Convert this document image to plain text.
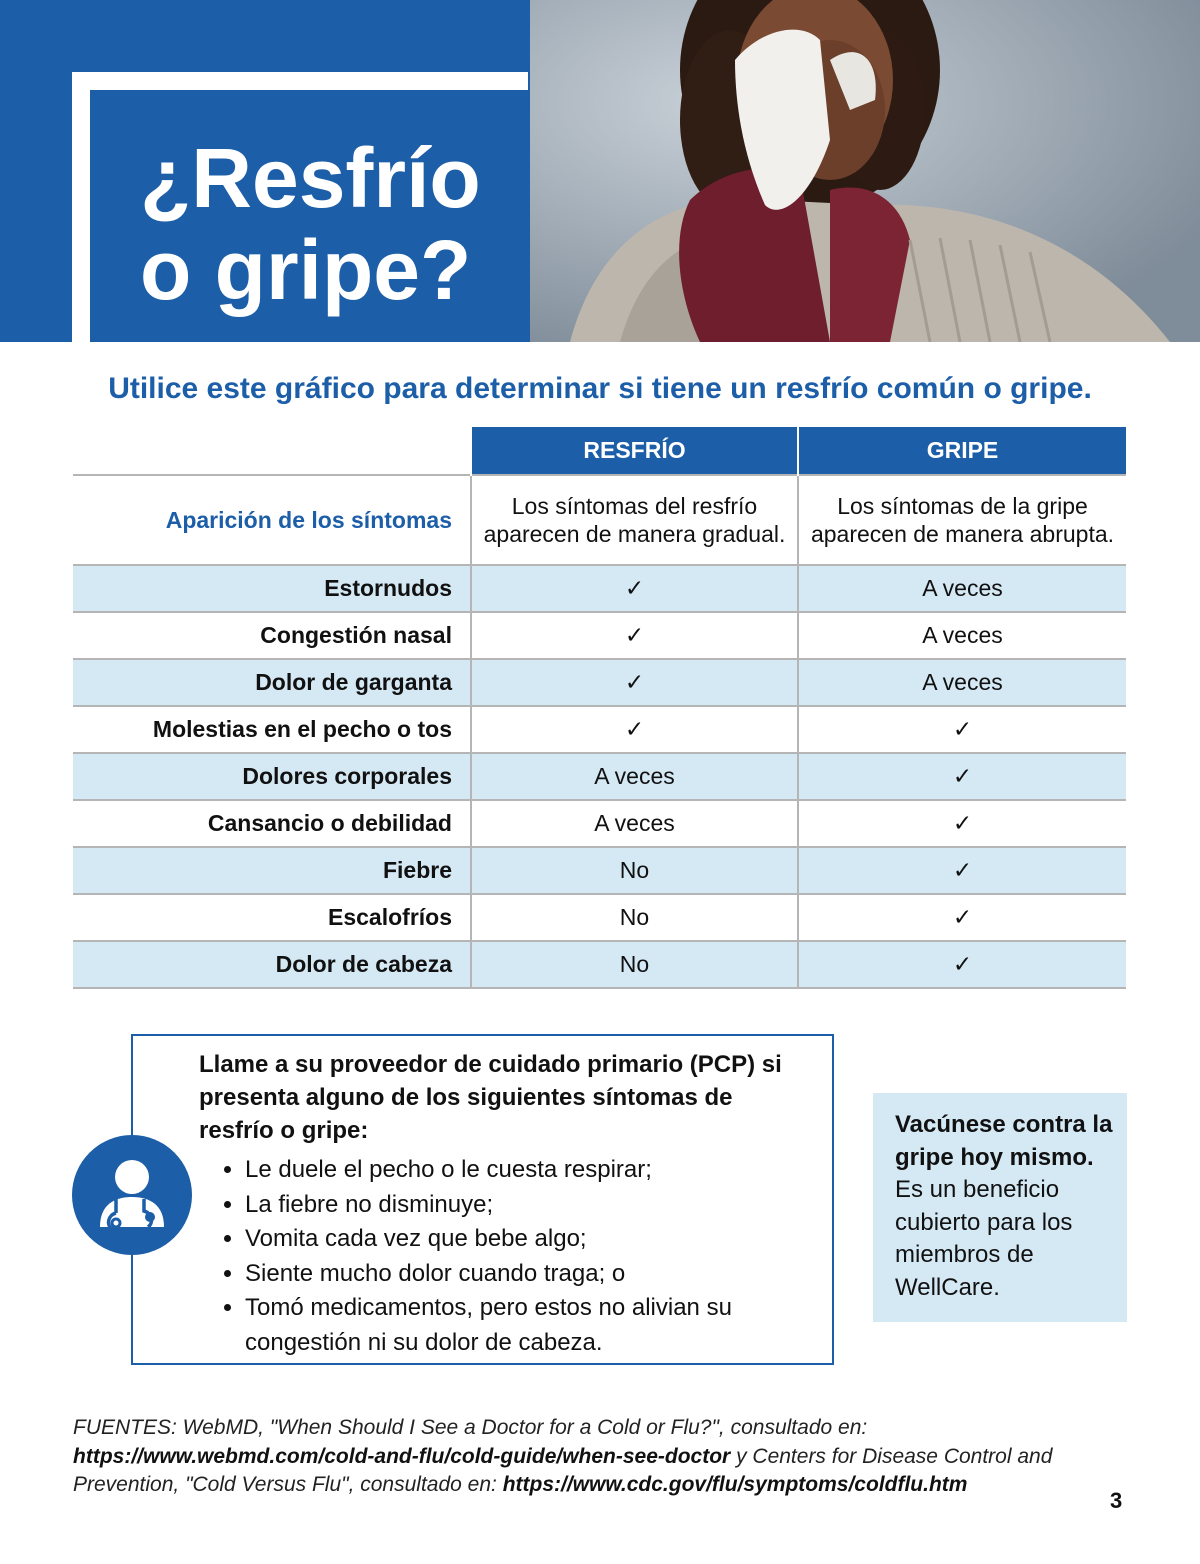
¿Resfrío
o gripe?
Utilice este gráfico para determinar si tiene un resfrío común o gripe.
	RESFRÍO	GRIPE
Aparición de los síntomas	Los síntomas del resfrío aparecen de manera gradual.	Los síntomas de la gripe aparecen de manera abrupta.
Estornudos	✓	A veces
Congestión nasal	✓	A veces
Dolor de garganta	✓	A veces
Molestias en el pecho o tos	✓	✓
Dolores corporales	A veces	✓
Cansancio o debilidad	A veces	✓
Fiebre	No	✓
Escalofríos	No	✓
Dolor de cabeza	No	✓

Llame a su proveedor de cuidado primario (PCP) si presenta alguno de los siguientes síntomas de resfrío o gripe:

• Le duele el pecho o le cuesta respirar;
• La fiebre no disminuye;
• Vomita cada vez que bebe algo;
• Siente mucho dolor cuando traga; o
• Tomó medicamentos, pero estos no alivian su congestión ni su dolor de cabeza.
Vacúnese contra la gripe hoy mismo.
Es un beneficio cubierto para los miembros de WellCare.

FUENTES: WebMD, "When Should I See a Doctor for a Cold or Flu?", consultado en:
https://www.webmd.com/cold-and-flu/cold-guide/when-see-doctor y Centers for Disease Control and Prevention, "Cold Versus Flu", consultado en: https://www.cdc.gov/flu/symptoms/coldflu.htm

3
